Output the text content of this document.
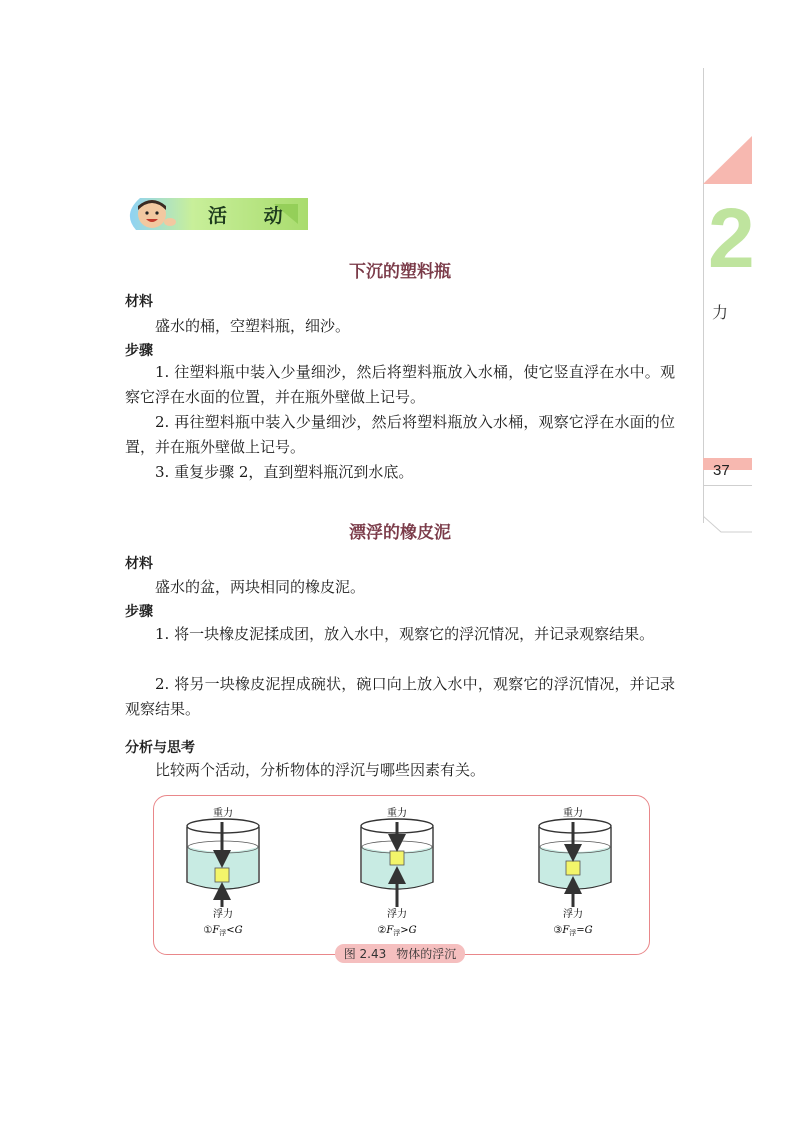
2
力
37
活 动
下沉的塑料瓶
材料
盛水的桶，空塑料瓶，细沙。
步骤
1. 往塑料瓶中装入少量细沙，然后将塑料瓶放入水桶，使它竖直浮在水中。观察它浮在水面的位置，并在瓶外壁做上记号。
2. 再往塑料瓶中装入少量细沙，然后将塑料瓶放入水桶，观察它浮在水面的位置，并在瓶外壁做上记号。
3. 重复步骤 2，直到塑料瓶沉到水底。
漂浮的橡皮泥
材料
盛水的盆，两块相同的橡皮泥。
步骤
1. 将一块橡皮泥揉成团，放入水中，观察它的浮沉情况，并记录观察结果。
2. 将另一块橡皮泥捏成碗状，碗口向上放入水中，观察它的浮沉情况，并记录观察结果。
分析与思考
比较两个活动，分析物体的浮沉与哪些因素有关。
重力	重力	重力
浮力	浮力	浮力
$①F_浮<G$	$②F_浮>G$	$③F_浮=G$
图 2.43 物体的浮沉
